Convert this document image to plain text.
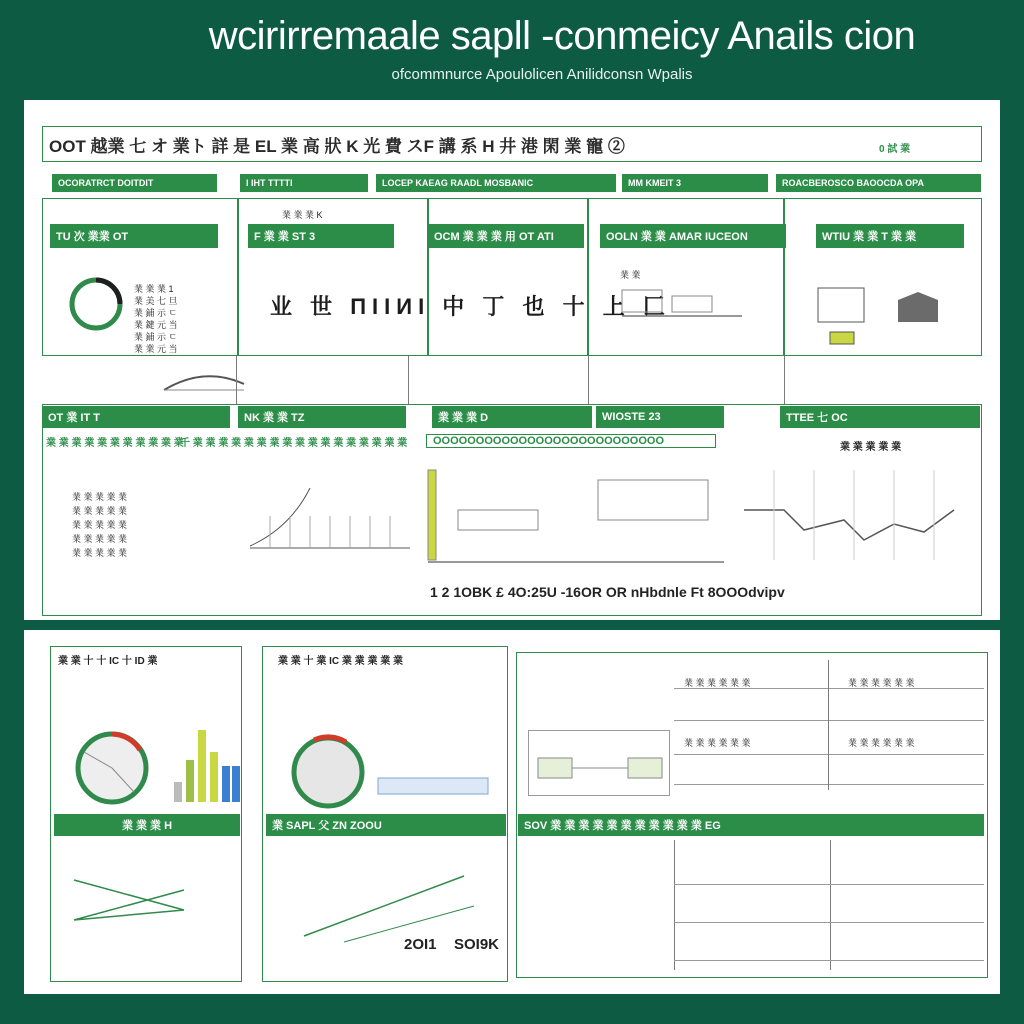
wcirirremaale sapll -conmeicy Anails cion
ofcommnurce Apoulolicen Anilidconsn Wpalis
OOT 越業 七 オ 業ト 詳 是 EL 業 高 狀 K 光 費 スF 講 系 H 井 港 閑 業 寵 ②	0 試 業
OCORATRCT DOITDIT	I IHT TTTTI	LOCEP KAEAG RAADL MOSBANIC	MM KMEIT 3	ROACBEROSCO BAOOCDA OPA
TU 次 業業 OT	F 業 業 ST 3	OCM 業 業 業 用 OT ATI	OOLN 業 業 AMAR IUCEON	WTIU 業 業 T 業 業
業 業 業 1
業 美 七 旦
業 鋪 示 ㄷ
業 鍵 元 当
業 鋪 示 ㄷ
業 業 元 当
業 業 業 K
業 業
业 世 ПIIИI 中 丁 也 十 上 匚
OT 業 IT T	NK 業 業 TZ	業 業 業 D	WIOSTE 23	TTEE 七 OC
業 業 業 業 業 業 業 業 業 業 業
千 業 業 業 業 業 業 業 業 業 業 業 業 業 業 業 業 業 OOOOOOOOOOOOOOOOOOOOOOOOOOO
業 業 業 業 業
業 業 業 業 業
業 業 業 業 業
業 業 業 業 業
業 業 業 業 業
業 業 業 業 業
1 2 1OBK £ 4O:25U -16OR OR nHbdnle Ft 8OOOdvipv
業 業 十 十 IC 十 ID 業	業 業 十 業 IC 業 業 業 業 業
業 業 業 H	業 SAPL 父 ZN ZOOU	SOV 業 業 業 業 業 業 業 業 業 業 業 EG
2OI1 SOI9K
業 業 業 業 業 業	業 業 業 業 業 業
業 業 業 業 業 業	業 業 業 業 業 業
